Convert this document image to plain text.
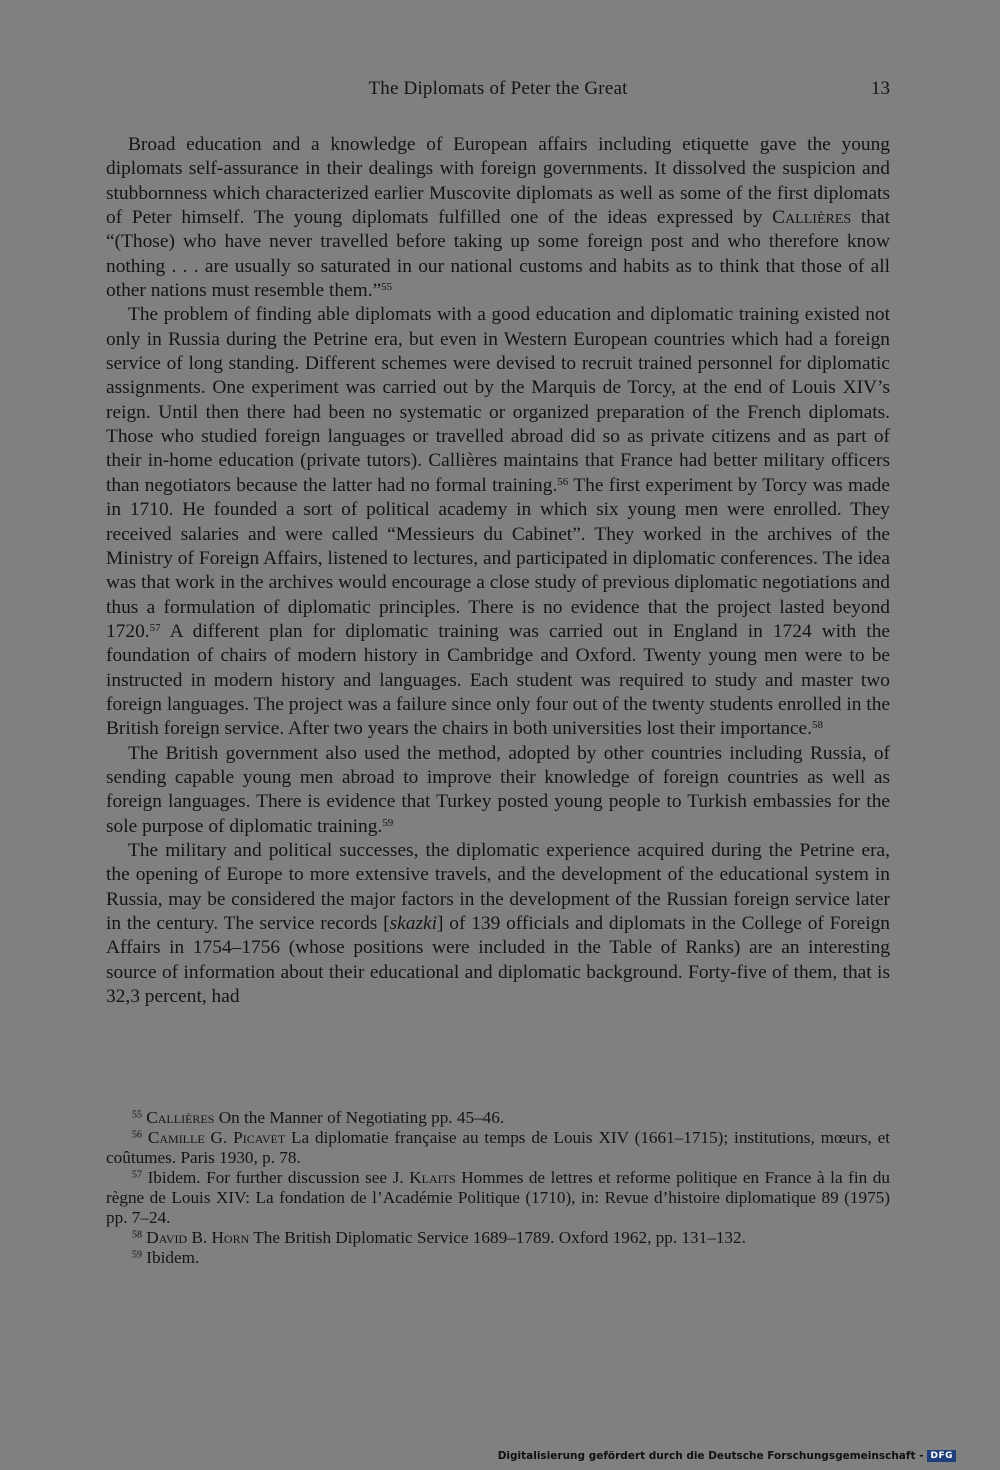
The Diplomats of Peter the Great	13

Broad education and a knowledge of European affairs including etiquette gave the young diplomats self-assurance in their dealings with foreign governments. It dissolved the suspicion and stubbornness which characterized earlier Muscovite diplomats as well as some of the first diplomats of Peter himself. The young diplomats fulfilled one of the ideas expressed by Callières that “(Those) who have never travelled before taking up some foreign post and who therefore know nothing . . . are usually so saturated in our national customs and habits as to think that those of all other nations must resemble them.”$^{55}$

The problem of finding able diplomats with a good education and diplomatic training existed not only in Russia during the Petrine era, but even in Western European countries which had a foreign service of long standing. Different schemes were devised to recruit trained personnel for diplomatic assignments. One experiment was carried out by the Marquis de Torcy, at the end of Louis XIV’s reign. Until then there had been no systematic or organized preparation of the French diplomats. Those who studied foreign languages or travelled abroad did so as private citizens and as part of their in-home education (private tutors). Callières maintains that France had better military officers than negotiators because the latter had no formal training.$^{56}$ The first experiment by Torcy was made in 1710. He founded a sort of political academy in which six young men were enrolled. They received salaries and were called “Messieurs du Cabinet”. They worked in the archives of the Ministry of Foreign Affairs, listened to lectures, and participated in diplomatic conferences. The idea was that work in the archives would encourage a close study of previous diplomatic negotiations and thus a formulation of diplomatic principles. There is no evidence that the project lasted beyond 1720.57 A different plan for diplomatic training was carried out in England in 1724 with the foundation of chairs of modern history in Cambridge and Oxford. Twenty young men were to be instructed in modern history and languages. Each student was required to study and master two foreign languages. The project was a failure since only four out of the twenty students enrolled in the British foreign service. After two years the chairs in both universities lost their importance.$^{58}$

The British government also used the method, adopted by other countries including Russia, of sending capable young men abroad to improve their knowledge of foreign countries as well as foreign languages. There is evidence that Turkey posted young people to Turkish embassies for the sole purpose of diplomatic training.$^{59}$

The military and political successes, the diplomatic experience acquired during the Petrine era, the opening of Europe to more extensive travels, and the development of the educational system in Russia, may be considered the major factors in the development of the Russian foreign service later in the century. The service records [skazki] of 139 officials and diplomats in the College of Foreign Affairs in 1754–1756 (whose positions were included in the Table of Ranks) are an interesting source of information about their educational and diplomatic background. Forty-five of them, that is 32,3 percent, had

$^{55}$ Callières On the Manner of Negotiating pp. 45–46.

$^{56}$ Camille G. Picavet La diplomatie française au temps de Louis XIV (1661–1715); institutions, mœurs, et coûtumes. Paris 1930, p. 78.

$^{57}$ Ibidem. For further discussion see J. Klaits Hommes de lettres et reforme politique en France à la fin du règne de Louis XIV: La fondation de l’Académie Politique (1710), in: Revue d’histoire diplomatique 89 (1975) pp. 7–24.

$^{58}$ David B. Horn The British Diplomatic Service 1689–1789. Oxford 1962, pp. 131–132.

$^{59}$ Ibidem.

Digitalisierung gefördert durch die Deutsche Forschungsgemeinschaft - DFG
